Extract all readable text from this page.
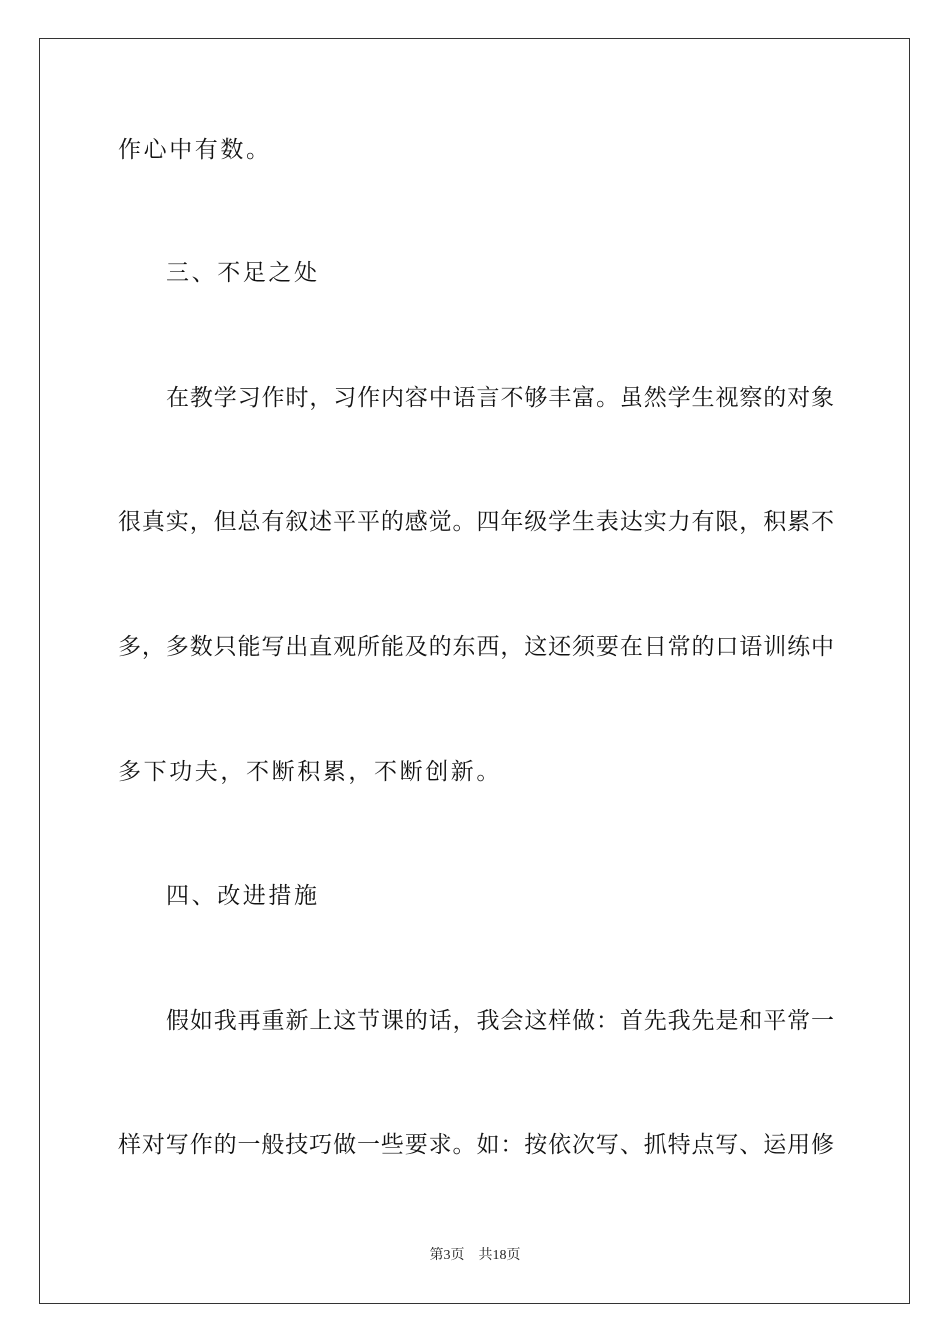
作心中有数。
三、不足之处
在教学习作时，习作内容中语言不够丰富。虽然学生视察的对象
很真实，但总有叙述平平的感觉。四年级学生表达实力有限，积累不
多，多数只能写出直观所能及的东西，这还须要在日常的口语训练中
多下功夫，不断积累，不断创新。
四、改进措施
假如我再重新上这节课的话，我会这样做：首先我先是和平常一
样对写作的一般技巧做一些要求。如：按依次写、抓特点写、运用修
第3页 共18页
